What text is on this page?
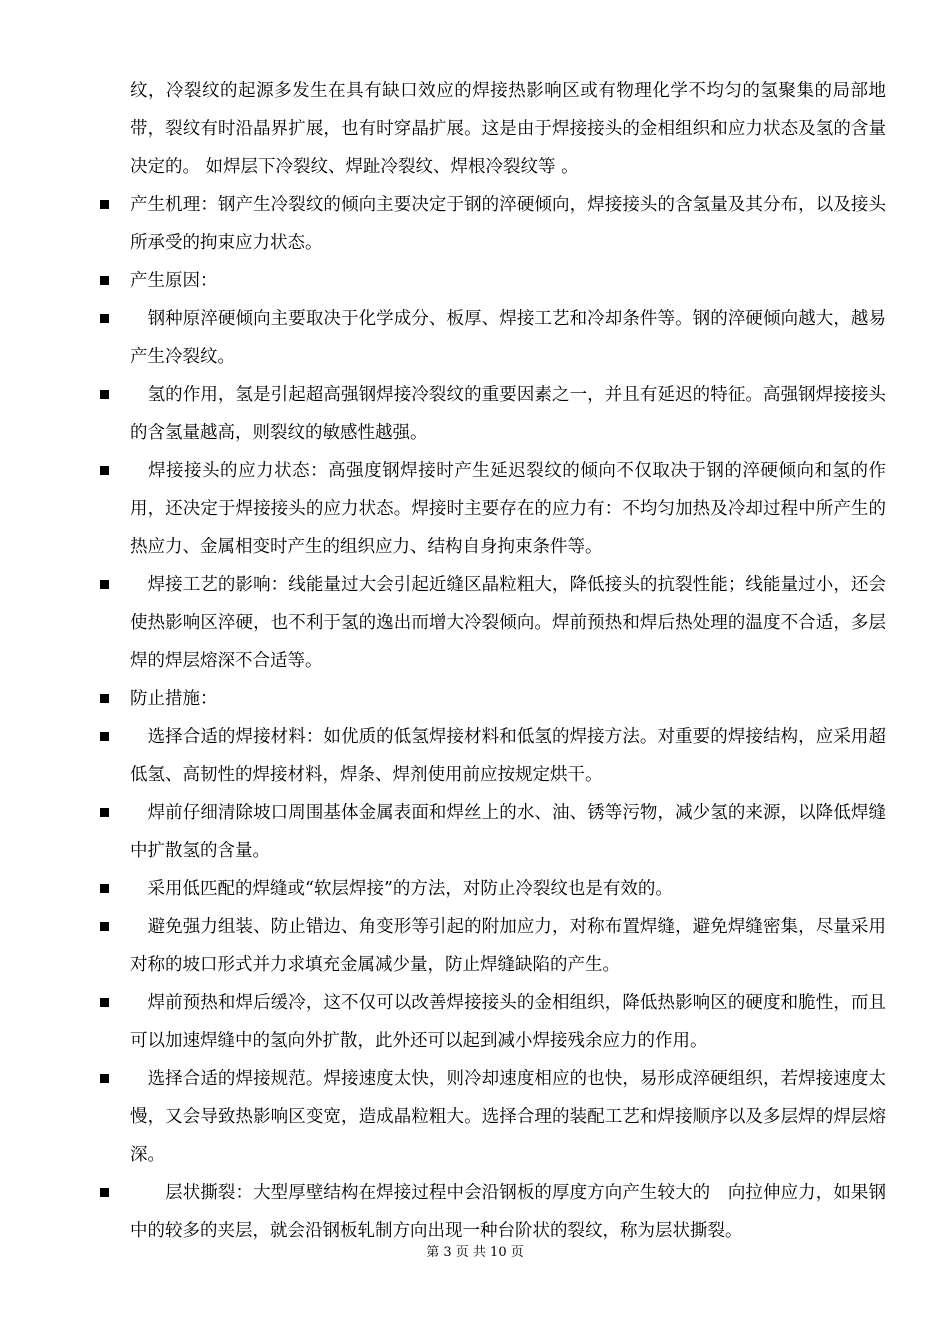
纹，冷裂纹的起源多发生在具有缺口效应的焊接热影响区或有物理化学不均匀的氢聚集的局部地带，裂纹有时沿晶界扩展，也有时穿晶扩展。这是由于焊接接头的金相组织和应力状态及氢的含量决定的。 如焊层下冷裂纹、焊趾冷裂纹、焊根冷裂纹等 。

产生机理：钢产生冷裂纹的倾向主要决定于钢的淬硬倾向，焊接接头的含氢量及其分布，以及接头所承受的拘束应力状态。
产生原因：
　钢种原淬硬倾向主要取决于化学成分、板厚、焊接工艺和冷却条件等。钢的淬硬倾向越大，越易产生冷裂纹。
　氢的作用，氢是引起超高强钢焊接冷裂纹的重要因素之一，并且有延迟的特征。高强钢焊接接头的含氢量越高，则裂纹的敏感性越强。
　焊接接头的应力状态：高强度钢焊接时产生延迟裂纹的倾向不仅取决于钢的淬硬倾向和氢的作用，还决定于焊接接头的应力状态。焊接时主要存在的应力有：不均匀加热及冷却过程中所产生的热应力、金属相变时产生的组织应力、结构自身拘束条件等。
　焊接工艺的影响：线能量过大会引起近缝区晶粒粗大，降低接头的抗裂性能；线能量过小，还会使热影响区淬硬，也不利于氢的逸出而增大冷裂倾向。焊前预热和焊后热处理的温度不合适，多层焊的焊层熔深不合适等。
防止措施：
　选择合适的焊接材料：如优质的低氢焊接材料和低氢的焊接方法。对重要的焊接结构，应采用超低氢、高韧性的焊接材料，焊条、焊剂使用前应按规定烘干。
　焊前仔细清除坡口周围基体金属表面和焊丝上的水、油、锈等污物，减少氢的来源，以降低焊缝中扩散氢的含量。
　采用低匹配的焊缝或“软层焊接”的方法，对防止冷裂纹也是有效的。
　避免强力组装、防止错边、角变形等引起的附加应力，对称布置焊缝，避免焊缝密集，尽量采用对称的坡口形式并力求填充金属减少量，防止焊缝缺陷的产生。
　焊前预热和焊后缓冷，这不仅可以改善焊接接头的金相组织，降低热影响区的硬度和脆性，而且可以加速焊缝中的氢向外扩散，此外还可以起到减小焊接残余应力的作用。
　选择合适的焊接规范。焊接速度太快，则冷却速度相应的也快，易形成淬硬组织，若焊接速度太慢，又会导致热影响区变宽，造成晶粒粗大。选择合理的装配工艺和焊接顺序以及多层焊的焊层熔深。
　　层状撕裂：大型厚壁结构在焊接过程中会沿钢板的厚度方向产生较大的　向拉伸应力，如果钢中的较多的夹层，就会沿钢板轧制方向出现一种台阶状的裂纹，称为层状撕裂。
第 3 页 共 10 页
